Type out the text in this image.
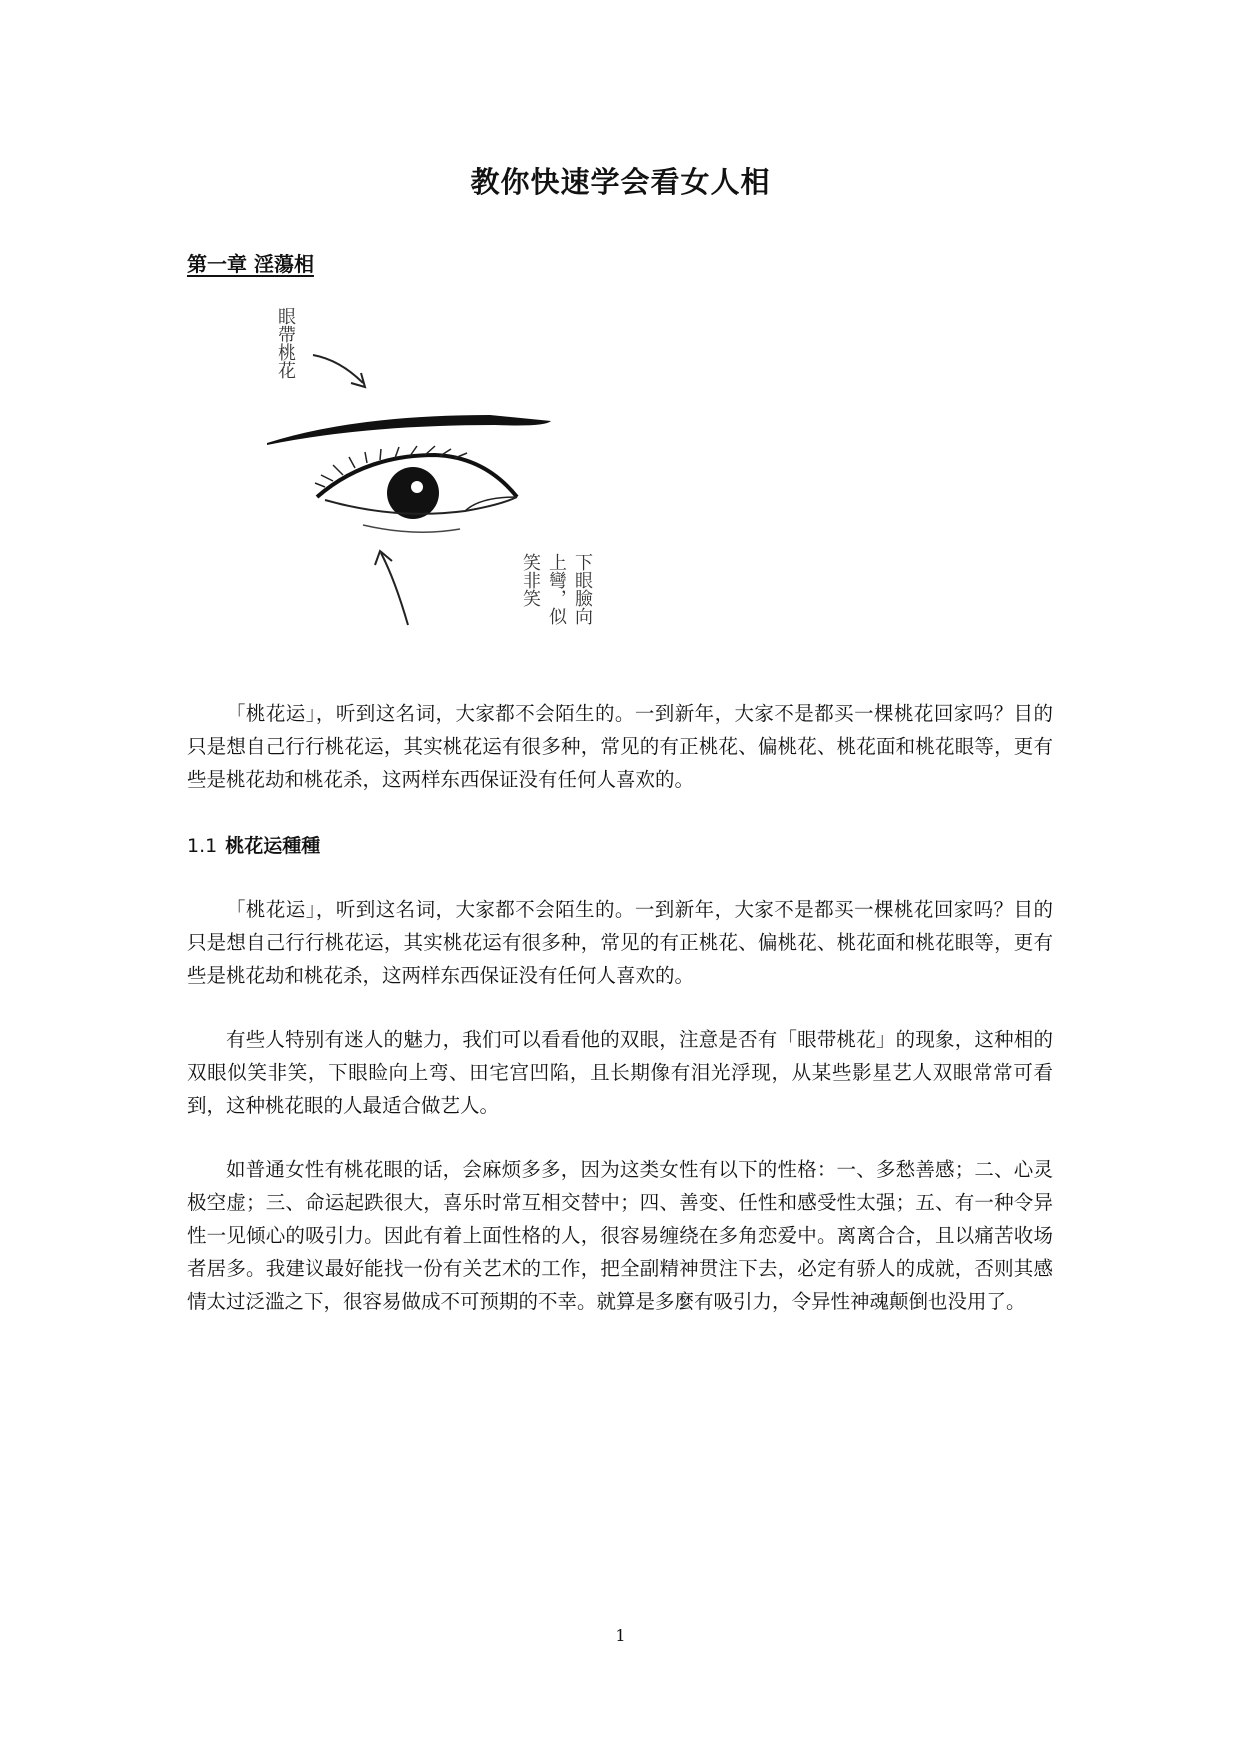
教你快速学会看女人相
第一章 淫蕩相
眼帶桃花
下眼臉向
上彎，似
笑非笑

「桃花运」，听到这名词，大家都不会陌生的。一到新年，大家不是都买一棵桃花回家吗？目的只是想自己行行桃花运，其实桃花运有很多种，常见的有正桃花、偏桃花、桃花面和桃花眼等，更有些是桃花劫和桃花杀，这两样东西保证没有任何人喜欢的。

1.1 桃花运種種

「桃花运」，听到这名词，大家都不会陌生的。一到新年，大家不是都买一棵桃花回家吗？目的只是想自己行行桃花运，其实桃花运有很多种，常见的有正桃花、偏桃花、桃花面和桃花眼等，更有些是桃花劫和桃花杀，这两样东西保证没有任何人喜欢的。

有些人特别有迷人的魅力，我们可以看看他的双眼，注意是否有「眼带桃花」的现象，这种相的双眼似笑非笑，下眼睑向上弯、田宅宫凹陷，且长期像有泪光浮现，从某些影星艺人双眼常常可看到，这种桃花眼的人最适合做艺人。

如普通女性有桃花眼的话，会麻烦多多，因为这类女性有以下的性格：一、多愁善感；二、心灵极空虚；三、命运起跌很大，喜乐时常互相交替中；四、善变、任性和感受性太强；五、有一种令异性一见倾心的吸引力。因此有着上面性格的人，很容易缠绕在多角恋爱中。离离合合，且以痛苦收场者居多。我建议最好能找一份有关艺术的工作，把全副精神贯注下去，必定有骄人的成就，否则其感情太过泛滥之下，很容易做成不可预期的不幸。就算是多麼有吸引力，令异性神魂颠倒也没用了。

1
